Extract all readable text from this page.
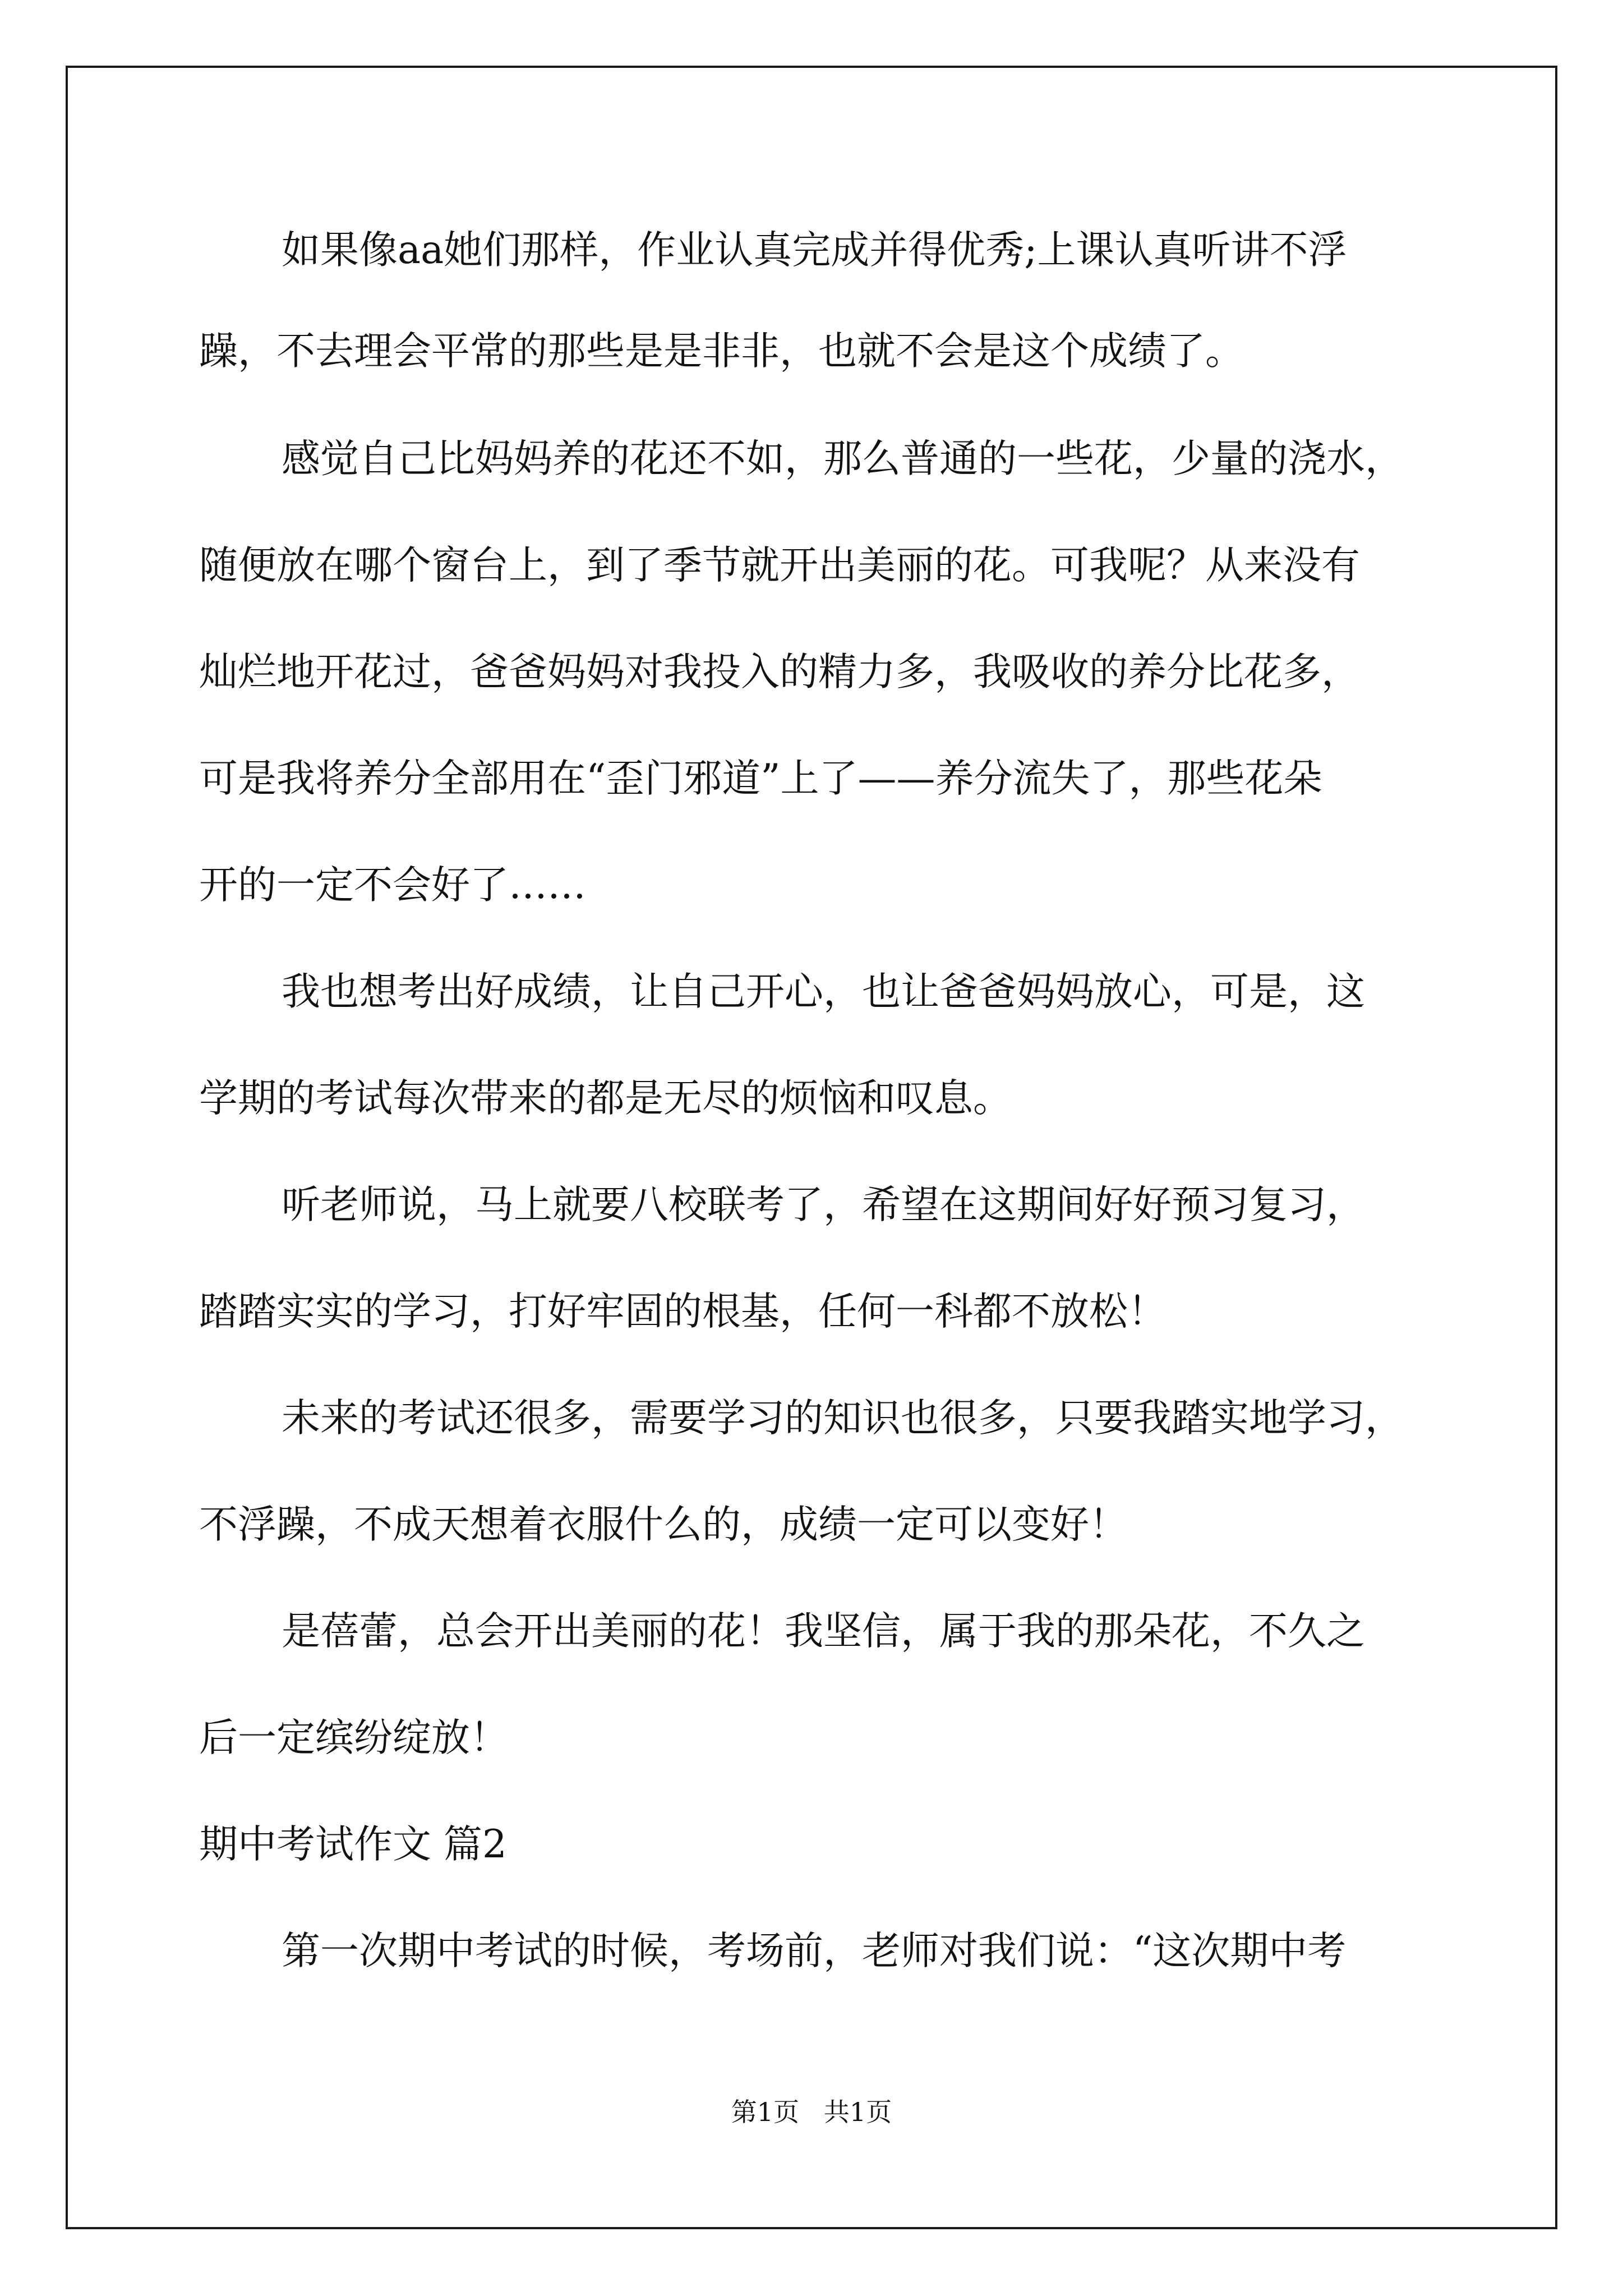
如果像aa她们那样，作业认真完成并得优秀;上课认真听讲不浮
躁，不去理会平常的那些是是非非，也就不会是这个成绩了。
感觉自己比妈妈养的花还不如，那么普通的一些花，少量的浇水，
随便放在哪个窗台上，到了季节就开出美丽的花。可我呢？从来没有
灿烂地开花过，爸爸妈妈对我投入的精力多，我吸收的养分比花多，
可是我将养分全部用在“歪门邪道”上了——养分流失了，那些花朵
开的一定不会好了……
我也想考出好成绩，让自己开心，也让爸爸妈妈放心，可是，这
学期的考试每次带来的都是无尽的烦恼和叹息。
听老师说，马上就要八校联考了，希望在这期间好好预习复习，
踏踏实实的学习，打好牢固的根基，任何一科都不放松！
未来的考试还很多，需要学习的知识也很多，只要我踏实地学习，
不浮躁，不成天想着衣服什么的，成绩一定可以变好！
是蓓蕾，总会开出美丽的花！我坚信，属于我的那朵花，不久之
后一定缤纷绽放！
期中考试作文 篇2
第一次期中考试的时候，考场前，老师对我们说：“这次期中考
第1页   共1页
